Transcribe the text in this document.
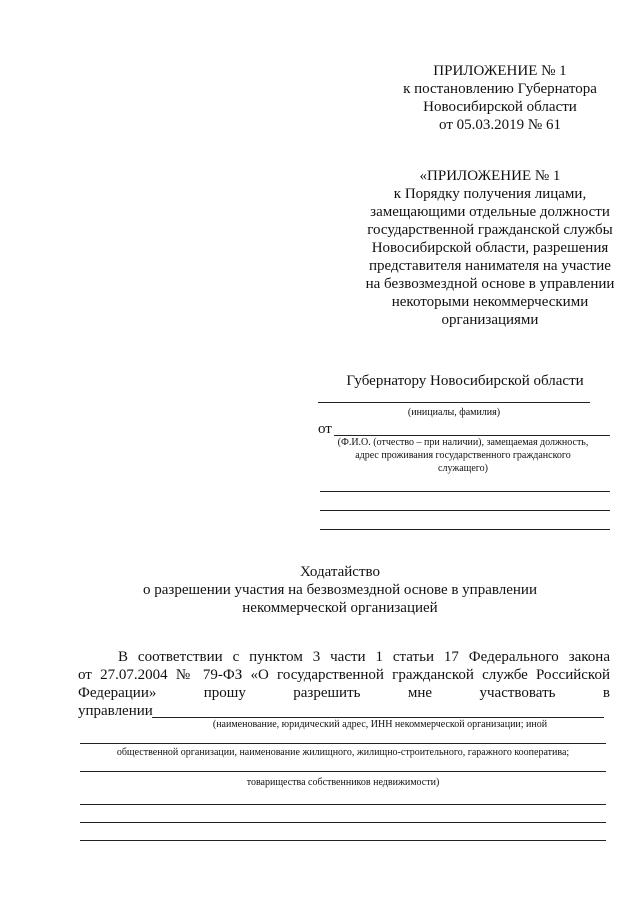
ПРИЛОЖЕНИЕ № 1
к постановлению Губернатора
Новосибирской области
от 05.03.2019 № 61
«ПРИЛОЖЕНИЕ № 1
к Порядку получения лицами,
замещающими отдельные должности
государственной гражданской службы
Новосибирской области, разрешения
представителя нанимателя на участие
на безвозмездной основе в управлении
некоторыми некоммерческими
организациями
Губернатору Новосибирской области
(инициалы, фамилия)
от
(Ф.И.О. (отчество – при наличии), замещаемая должность,
адрес проживания государственного гражданского
служащего)
Ходатайство
о разрешении участия на безвозмездной основе в управлении
некоммерческой организацией
В соответствии с пунктом 3 части 1 статьи 17 Федерального закона
от 27.07.2004 № 79-ФЗ «О государственной гражданской службе Российской
Федерации»	прошу	разрешить	мне	участвовать	в
управлении
(наименование, юридический адрес, ИНН некоммерческой организации; иной
общественной организации, наименование жилищного, жилищно-строительного, гаражного кооператива;
товарищества собственников недвижимости)
